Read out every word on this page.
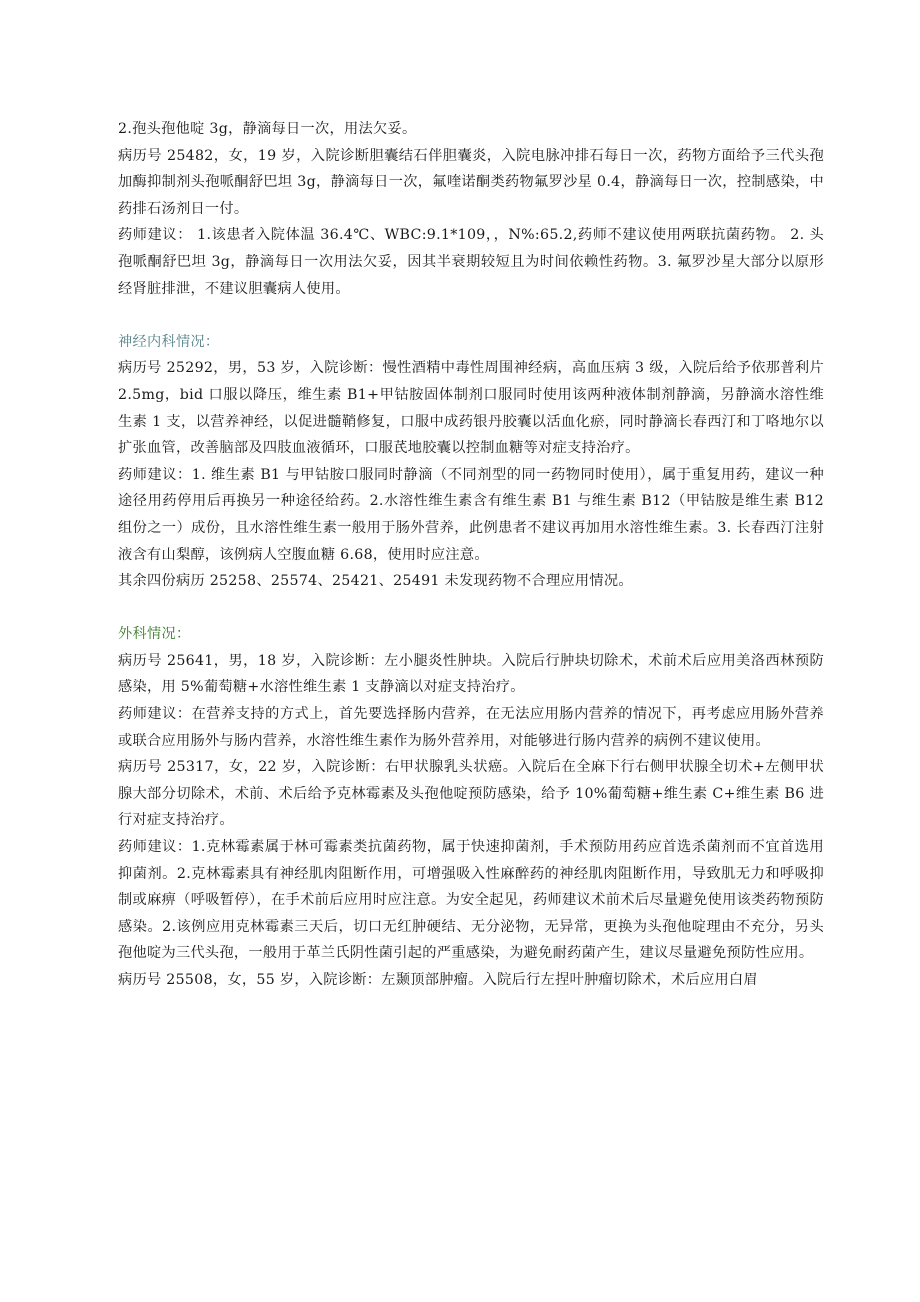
2.孢头孢他啶 3g，静滴每日一次，用法欠妥。

病历号 25482，女，19 岁，入院诊断胆囊结石伴胆囊炎，入院电脉冲排石每日一次，药物方面给予三代头孢加酶抑制剂头孢哌酮舒巴坦 3g，静滴每日一次，氟喹诺酮类药物氟罗沙星 0.4，静滴每日一次，控制感染，中药排石汤剂日一付。

药师建议： 1.该患者入院体温 36.4℃、WBC:9.1*109，，N%:65.2,药师不建议使用两联抗菌药物。 2. 头孢哌酮舒巴坦 3g，静滴每日一次用法欠妥，因其半衰期较短且为时间依赖性药物。3. 氟罗沙星大部分以原形经肾脏排泄，不建议胆囊病人使用。

神经内科情况：

病历号 25292，男，53 岁，入院诊断：慢性酒精中毒性周围神经病，高血压病 3 级，入院后给予依那普利片 2.5mg，bid 口服以降压，维生素 B1+甲钴胺固体制剂口服同时使用该两种液体制剂静滴，另静滴水溶性维生素 1 支，以营养神经，以促进髓鞘修复，口服中成药银丹胶囊以活血化瘀，同时静滴长春西汀和丁咯地尔以扩张血管，改善脑部及四肢血液循环，口服芪地胶囊以控制血糖等对症支持治疗。

药师建议：1. 维生素 B1 与甲钴胺口服同时静滴（不同剂型的同一药物同时使用），属于重复用药，建议一种途径用药停用后再换另一种途径给药。2.水溶性维生素含有维生素 B1 与维生素 B12（甲钴胺是维生素 B12 组份之一）成份，且水溶性维生素一般用于肠外营养，此例患者不建议再加用水溶性维生素。3. 长春西汀注射液含有山梨醇，该例病人空腹血糖 6.68，使用时应注意。

其余四份病历 25258、25574、25421、25491 未发现药物不合理应用情况。

外科情况：

病历号 25641，男，18 岁，入院诊断：左小腿炎性肿块。入院后行肿块切除术，术前术后应用美洛西林预防感染，用 5%葡萄糖+水溶性维生素 1 支静滴以对症支持治疗。

药师建议：在营养支持的方式上，首先要选择肠内营养，在无法应用肠内营养的情况下，再考虑应用肠外营养或联合应用肠外与肠内营养，水溶性维生素作为肠外营养用，对能够进行肠内营养的病例不建议使用。

病历号 25317，女，22 岁，入院诊断：右甲状腺乳头状癌。入院后在全麻下行右侧甲状腺全切术+左侧甲状腺大部分切除术，术前、术后给予克林霉素及头孢他啶预防感染，给予 10%葡萄糖+维生素 C+维生素 B6 进行对症支持治疗。

药师建议：1.克林霉素属于林可霉素类抗菌药物，属于快速抑菌剂，手术预防用药应首选杀菌剂而不宜首选用抑菌剂。2.克林霉素具有神经肌肉阻断作用，可增强吸入性麻醉药的神经肌肉阻断作用，导致肌无力和呼吸抑制或麻痹（呼吸暂停），在手术前后应用时应注意。为安全起见，药师建议术前术后尽量避免使用该类药物预防感染。2.该例应用克林霉素三天后，切口无红肿硬结、无分泌物，无异常，更换为头孢他啶理由不充分，另头孢他啶为三代头孢，一般用于革兰氏阴性菌引起的严重感染，为避免耐药菌产生，建议尽量避免预防性应用。

病历号 25508，女，55 岁，入院诊断：左颞顶部肿瘤。入院后行左捏叶肿瘤切除术，术后应用白眉
